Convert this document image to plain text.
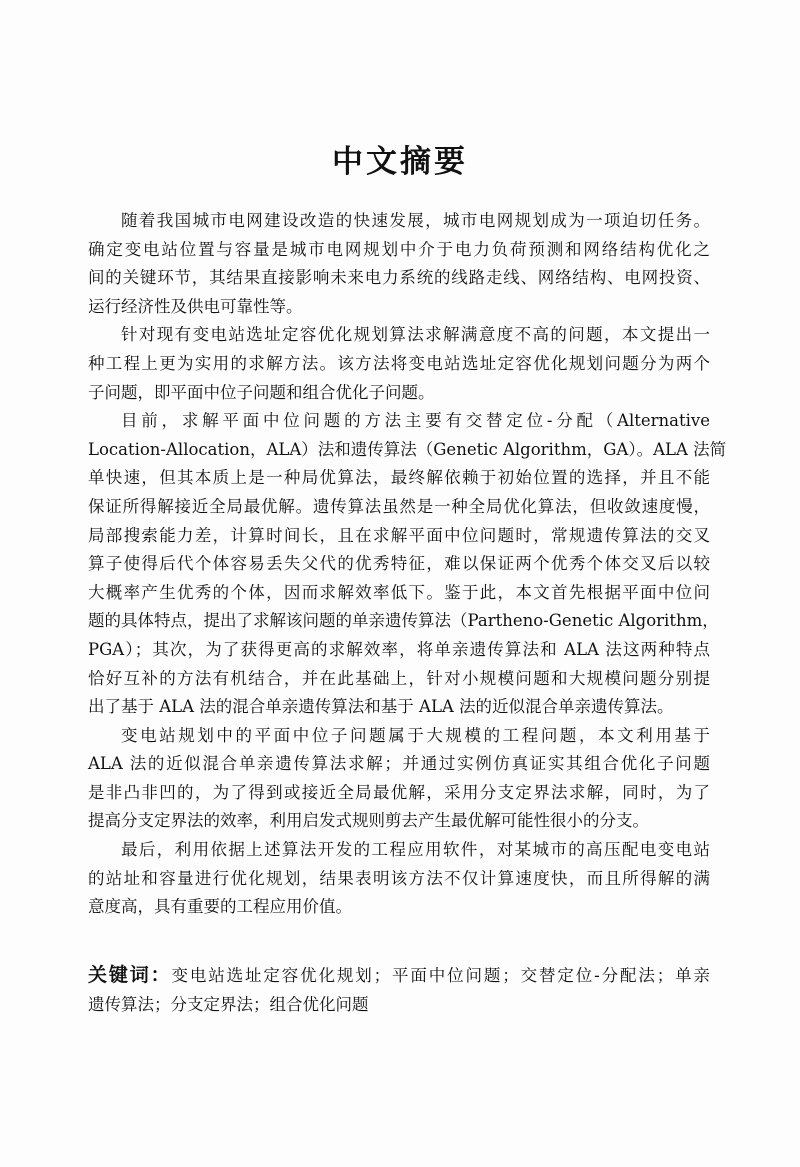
中文摘要
随着我国城市电网建设改造的快速发展，城市电网规划成为一项迫切任务。
确定变电站位置与容量是城市电网规划中介于电力负荷预测和网络结构优化之
间的关键环节，其结果直接影响未来电力系统的线路走线、网络结构、电网投资、
运行经济性及供电可靠性等。
针对现有变电站选址定容优化规划算法求解满意度不高的问题，本文提出一
种工程上更为实用的求解方法。该方法将变电站选址定容优化规划问题分为两个
子问题，即平面中位子问题和组合优化子问题。
目前，求解平面中位问题的方法主要有交替定位-分配（Alternative
Location-Allocation，ALA）法和遗传算法（Genetic Algorithm，GA）。ALA 法简
单快速，但其本质上是一种局优算法，最终解依赖于初始位置的选择，并且不能
保证所得解接近全局最优解。遗传算法虽然是一种全局优化算法，但收敛速度慢，
局部搜索能力差，计算时间长，且在求解平面中位问题时，常规遗传算法的交叉
算子使得后代个体容易丢失父代的优秀特征，难以保证两个优秀个体交叉后以较
大概率产生优秀的个体，因而求解效率低下。鉴于此，本文首先根据平面中位问
题的具体特点，提出了求解该问题的单亲遗传算法（Partheno-Genetic Algorithm，
PGA）；其次，为了获得更高的求解效率，将单亲遗传算法和 ALA 法这两种特点
恰好互补的方法有机结合，并在此基础上，针对小规模问题和大规模问题分别提
出了基于 ALA 法的混合单亲遗传算法和基于 ALA 法的近似混合单亲遗传算法。
变电站规划中的平面中位子问题属于大规模的工程问题，本文利用基于
ALA 法的近似混合单亲遗传算法求解；并通过实例仿真证实其组合优化子问题
是非凸非凹的，为了得到或接近全局最优解，采用分支定界法求解，同时，为了
提高分支定界法的效率，利用启发式规则剪去产生最优解可能性很小的分支。
最后，利用依据上述算法开发的工程应用软件，对某城市的高压配电变电站
的站址和容量进行优化规划，结果表明该方法不仅计算速度快，而且所得解的满
意度高，具有重要的工程应用价值。
关键词：变电站选址定容优化规划；平面中位问题；交替定位-分配法；单亲
遗传算法；分支定界法；组合优化问题
